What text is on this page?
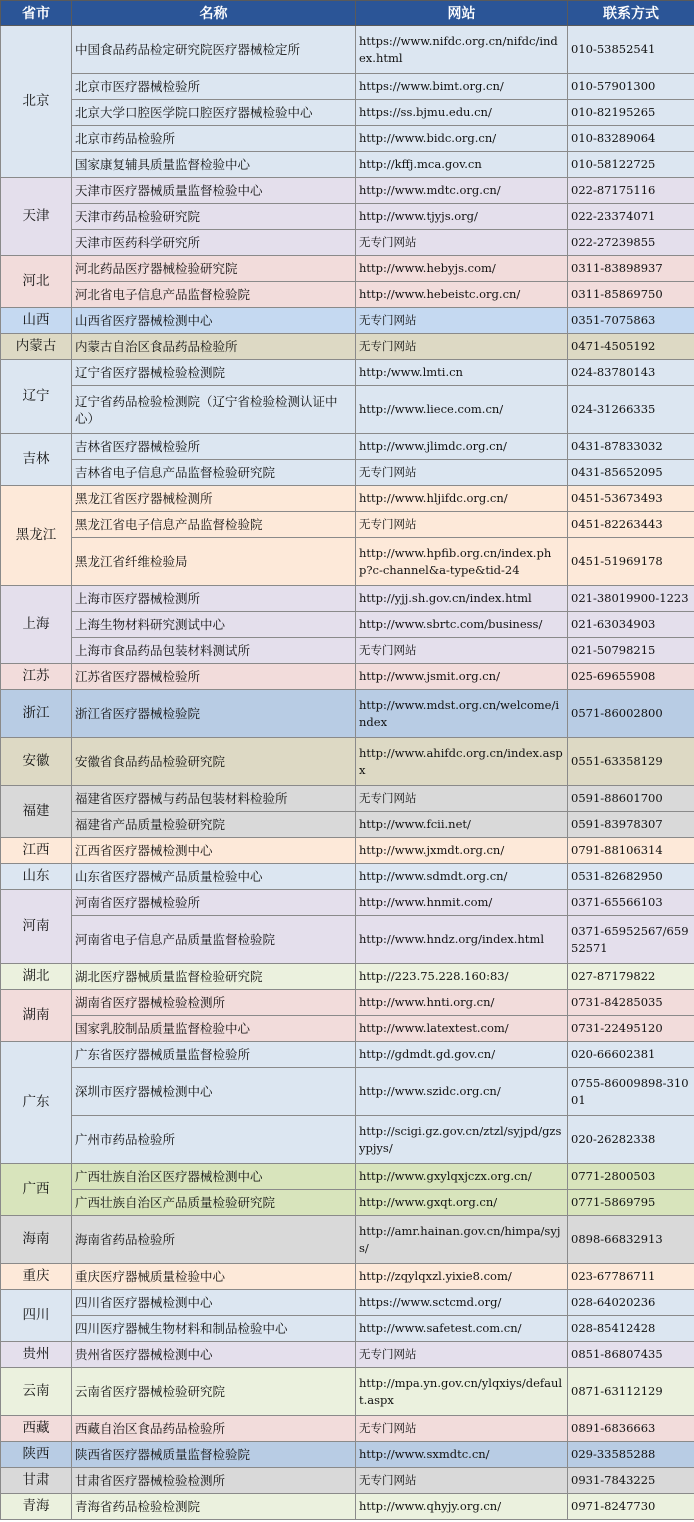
省市	名称	网站	联系方式
北京	中国食品药品检定研究院医疗器械检定所	https://www.nifdc.org.cn/nifdc/index.html	010-53852541
	北京市医疗器械检验所	https://www.bimt.org.cn/	010-57901300
	北京大学口腔医学院口腔医疗器械检验中心	https://ss.bjmu.edu.cn/	010-82195265
	北京市药品检验所	http://www.bidc.org.cn/	010-83289064
	国家康复辅具质量监督检验中心	http://kffj.mca.gov.cn	010-58122725
天津	天津市医疗器械质量监督检验中心	http://www.mdtc.org.cn/	022-87175116
	天津市药品检验研究院	http://www.tjyjs.org/	022-23374071
	天津市医药科学研究所	无专门网站	022-27239855
河北	河北药品医疗器械检验研究院	http://www.hebyjs.com/	0311-83898937
	河北省电子信息产品监督检验院	http://www.hebeistc.org.cn/	0311-85869750
山西	山西省医疗器械检测中心	无专门网站	0351-7075863
内蒙古	内蒙古自治区食品药品检验所	无专门网站	0471-4505192
辽宁	辽宁省医疗器械检验检测院	http:/www.lmti.cn	024-83780143
	辽宁省药品检验检测院（辽宁省检验检测认证中心）	http://www.liece.com.cn/	024-31266335
吉林	吉林省医疗器械检验所	http://www.jlimdc.org.cn/	0431-87833032
	吉林省电子信息产品监督检验研究院	无专门网站	0431-85652095
黑龙江	黑龙江省医疗器械检测所	http://www.hljifdc.org.cn/	0451-53673493
	黑龙江省电子信息产品监督检验院	无专门网站	0451-82263443
	黑龙江省纤维检验局	http://www.hpfib.org.cn/index.php?c-channel&a-type&tid-24	0451-51969178
上海	上海市医疗器械检测所	http://yjj.sh.gov.cn/index.html	021-38019900-1223
	上海生物材料研究测试中心	http://www.sbrtc.com/business/	021-63034903
	上海市食品药品包装材料测试所	无专门网站	021-50798215
江苏	江苏省医疗器械检验所	http://www.jsmit.org.cn/	025-69655908
浙江	浙江省医疗器械检验院	http://www.mdst.org.cn/welcome/index	0571-86002800
安徽	安徽省食品药品检验研究院	http://www.ahifdc.org.cn/index.aspx	0551-63358129
福建	福建省医疗器械与药品包装材料检验所	无专门网站	0591-88601700
	福建省产品质量检验研究院	http://www.fcii.net/	0591-83978307
江西	江西省医疗器械检测中心	http://www.jxmdt.org.cn/	0791-88106314
山东	山东省医疗器械产品质量检验中心	http://www.sdmdt.org.cn/	0531-82682950
河南	河南省医疗器械检验所	http://www.hnmit.com/	0371-65566103
	河南省电子信息产品质量监督检验院	http://www.hndz.org/index.html	0371-65952567/65952571
湖北	湖北医疗器械质量监督检验研究院	http://223.75.228.160:83/	027-87179822
湖南	湖南省医疗器械检验检测所	http://www.hnti.org.cn/	0731-84285035
	国家乳胶制品质量监督检验中心	http://www.latextest.com/	0731-22495120
广东	广东省医疗器械质量监督检验所	http://gdmdt.gd.gov.cn/	020-66602381
	深圳市医疗器械检测中心	http://www.szidc.org.cn/	0755-86009898-31001
	广州市药品检验所	http://scigi.gz.gov.cn/ztzl/syjpd/gzsypjys/	020-26282338
广西	广西壮族自治区医疗器械检测中心	http://www.gxylqxjczx.org.cn/	0771-2800503
	广西壮族自治区产品质量检验研究院	http://www.gxqt.org.cn/	0771-5869795
海南	海南省药品检验所	http://amr.hainan.gov.cn/himpa/syjs/	0898-66832913
重庆	重庆医疗器械质量检验中心	http://zqylqxzl.yixie8.com/	023-67786711
四川	四川省医疗器械检测中心	https://www.sctcmd.org/	028-64020236
	四川医疗器械生物材料和制品检验中心	http://www.safetest.com.cn/	028-85412428
贵州	贵州省医疗器械检测中心	无专门网站	0851-86807435
云南	云南省医疗器械检验研究院	http://mpa.yn.gov.cn/ylqxiys/default.aspx	0871-63112129
西藏	西藏自治区食品药品检验所	无专门网站	0891-6836663
陕西	陕西省医疗器械质量监督检验院	http://www.sxmdtc.cn/	029-33585288
甘肃	甘肃省医疗器械检验检测所	无专门网站	0931-7843225
青海	青海省药品检验检测院	http://www.qhyjy.org.cn/	0971-8247730
